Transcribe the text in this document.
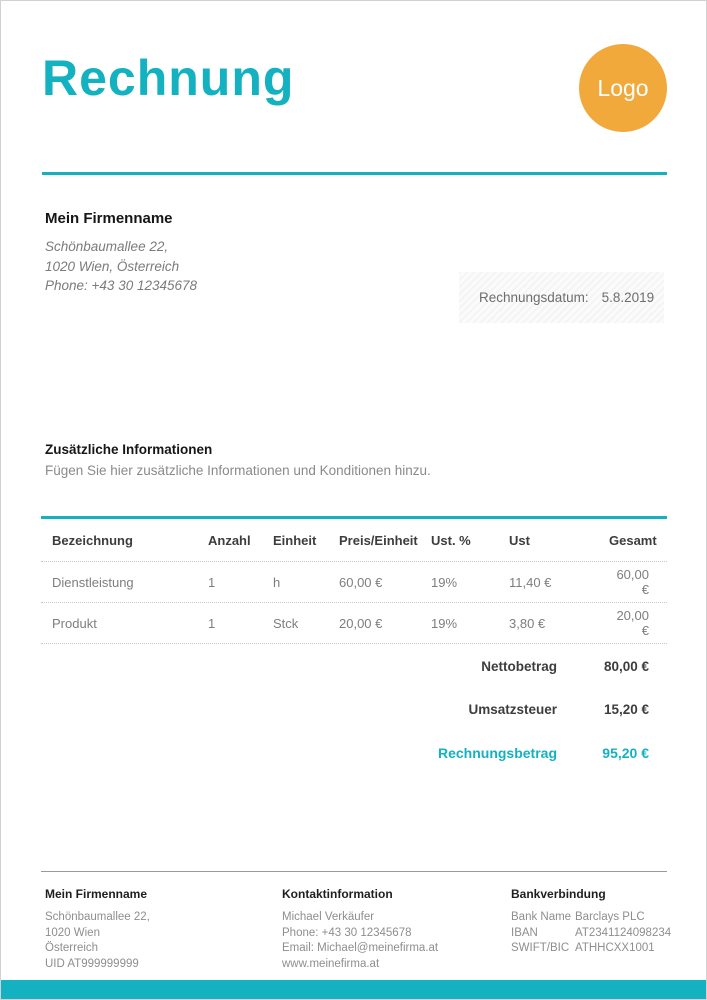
Rechnung	Logo
Mein Firmenname
Schönbaumallee 22,
1020 Wien, Österreich
Phone: +43 30 12345678
Rechnungsdatum: 5.8.2019
Zusätzliche Informationen
Fügen Sie hier zusätzliche Informationen und Konditionen hinzu.
Bezeichnung	Anzahl	Einheit	Preis/Einheit	Ust. %	Ust	Gesamt
Dienstleistung	1	h	60,00 €	19%	11,40 €	60,00 €
Produkt	1	Stck	20,00 €	19%	3,80 €	20,00 €
Nettobetrag	80,00 €
Umsatzsteuer	15,20 €
Rechnungsbetrag	95,20 €
Mein Firmenname
Schönbaumallee 22,
1020 Wien
Österreich
UID AT999999999
Kontaktinformation
Michael Verkäufer
Phone: +43 30 12345678
Email: Michael@meinefirma.at
www.meinefirma.at
Bankverbindung
Bank Name Barclays PLC
IBAN	AT2341124098234
SWIFT/BIC ATHHCXX1001
